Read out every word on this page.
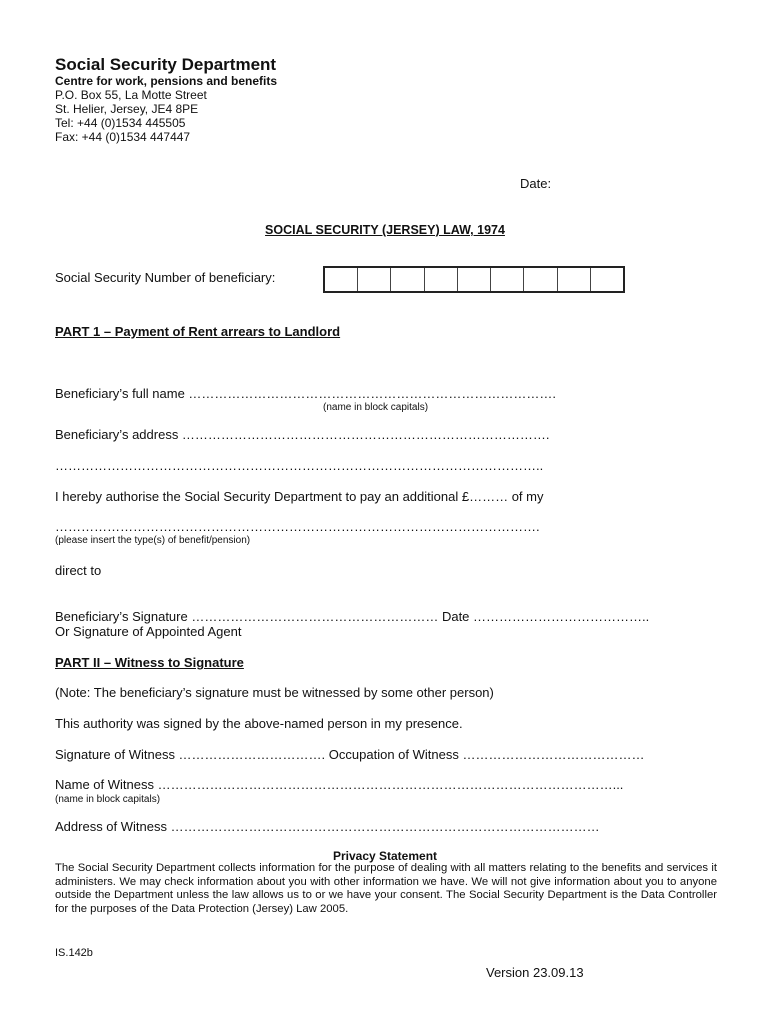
Social Security Department
Centre for work, pensions and benefits
P.O. Box 55, La Motte Street
St. Helier, Jersey, JE4 8PE
Tel: +44 (0)1534 445505
Fax: +44 (0)1534 447447
Date:
SOCIAL SECURITY (JERSEY) LAW, 1974
Social Security Number of beneficiary:
PART 1 – Payment of Rent arrears to Landlord
Beneficiary’s full name ………………………………………………………………………….
(name in block capitals)
Beneficiary’s address ………………………………………………………………………….
…………………………………………………………………………………………………..
I hereby authorise the Social Security Department to pay an additional £……… of my
………………………………………………………………………………………………….
(please insert the type(s) of benefit/pension)
direct to
Beneficiary’s Signature ………………………………………………… Date …………………………………..
Or Signature of Appointed Agent
PART II – Witness to Signature
(Note: The beneficiary’s signature must be witnessed by some other person)
This authority was signed by the above-named person in my presence.
Signature of Witness ……………………………. Occupation of Witness ……………………………………
Name of Witness ……………………………………………………………………………………………...
(name in block capitals)
Address of Witness ………………………………………………………………………………………
Privacy Statement
The Social Security Department collects information for the purpose of dealing with all matters relating to the benefits and services it administers. We may check information about you with other information we have. We will not give information about you to anyone outside the Department unless the law allows us to or we have your consent. The Social Security Department is the Data Controller for the purposes of the Data Protection (Jersey) Law 2005.
IS.142b
Version 23.09.13
